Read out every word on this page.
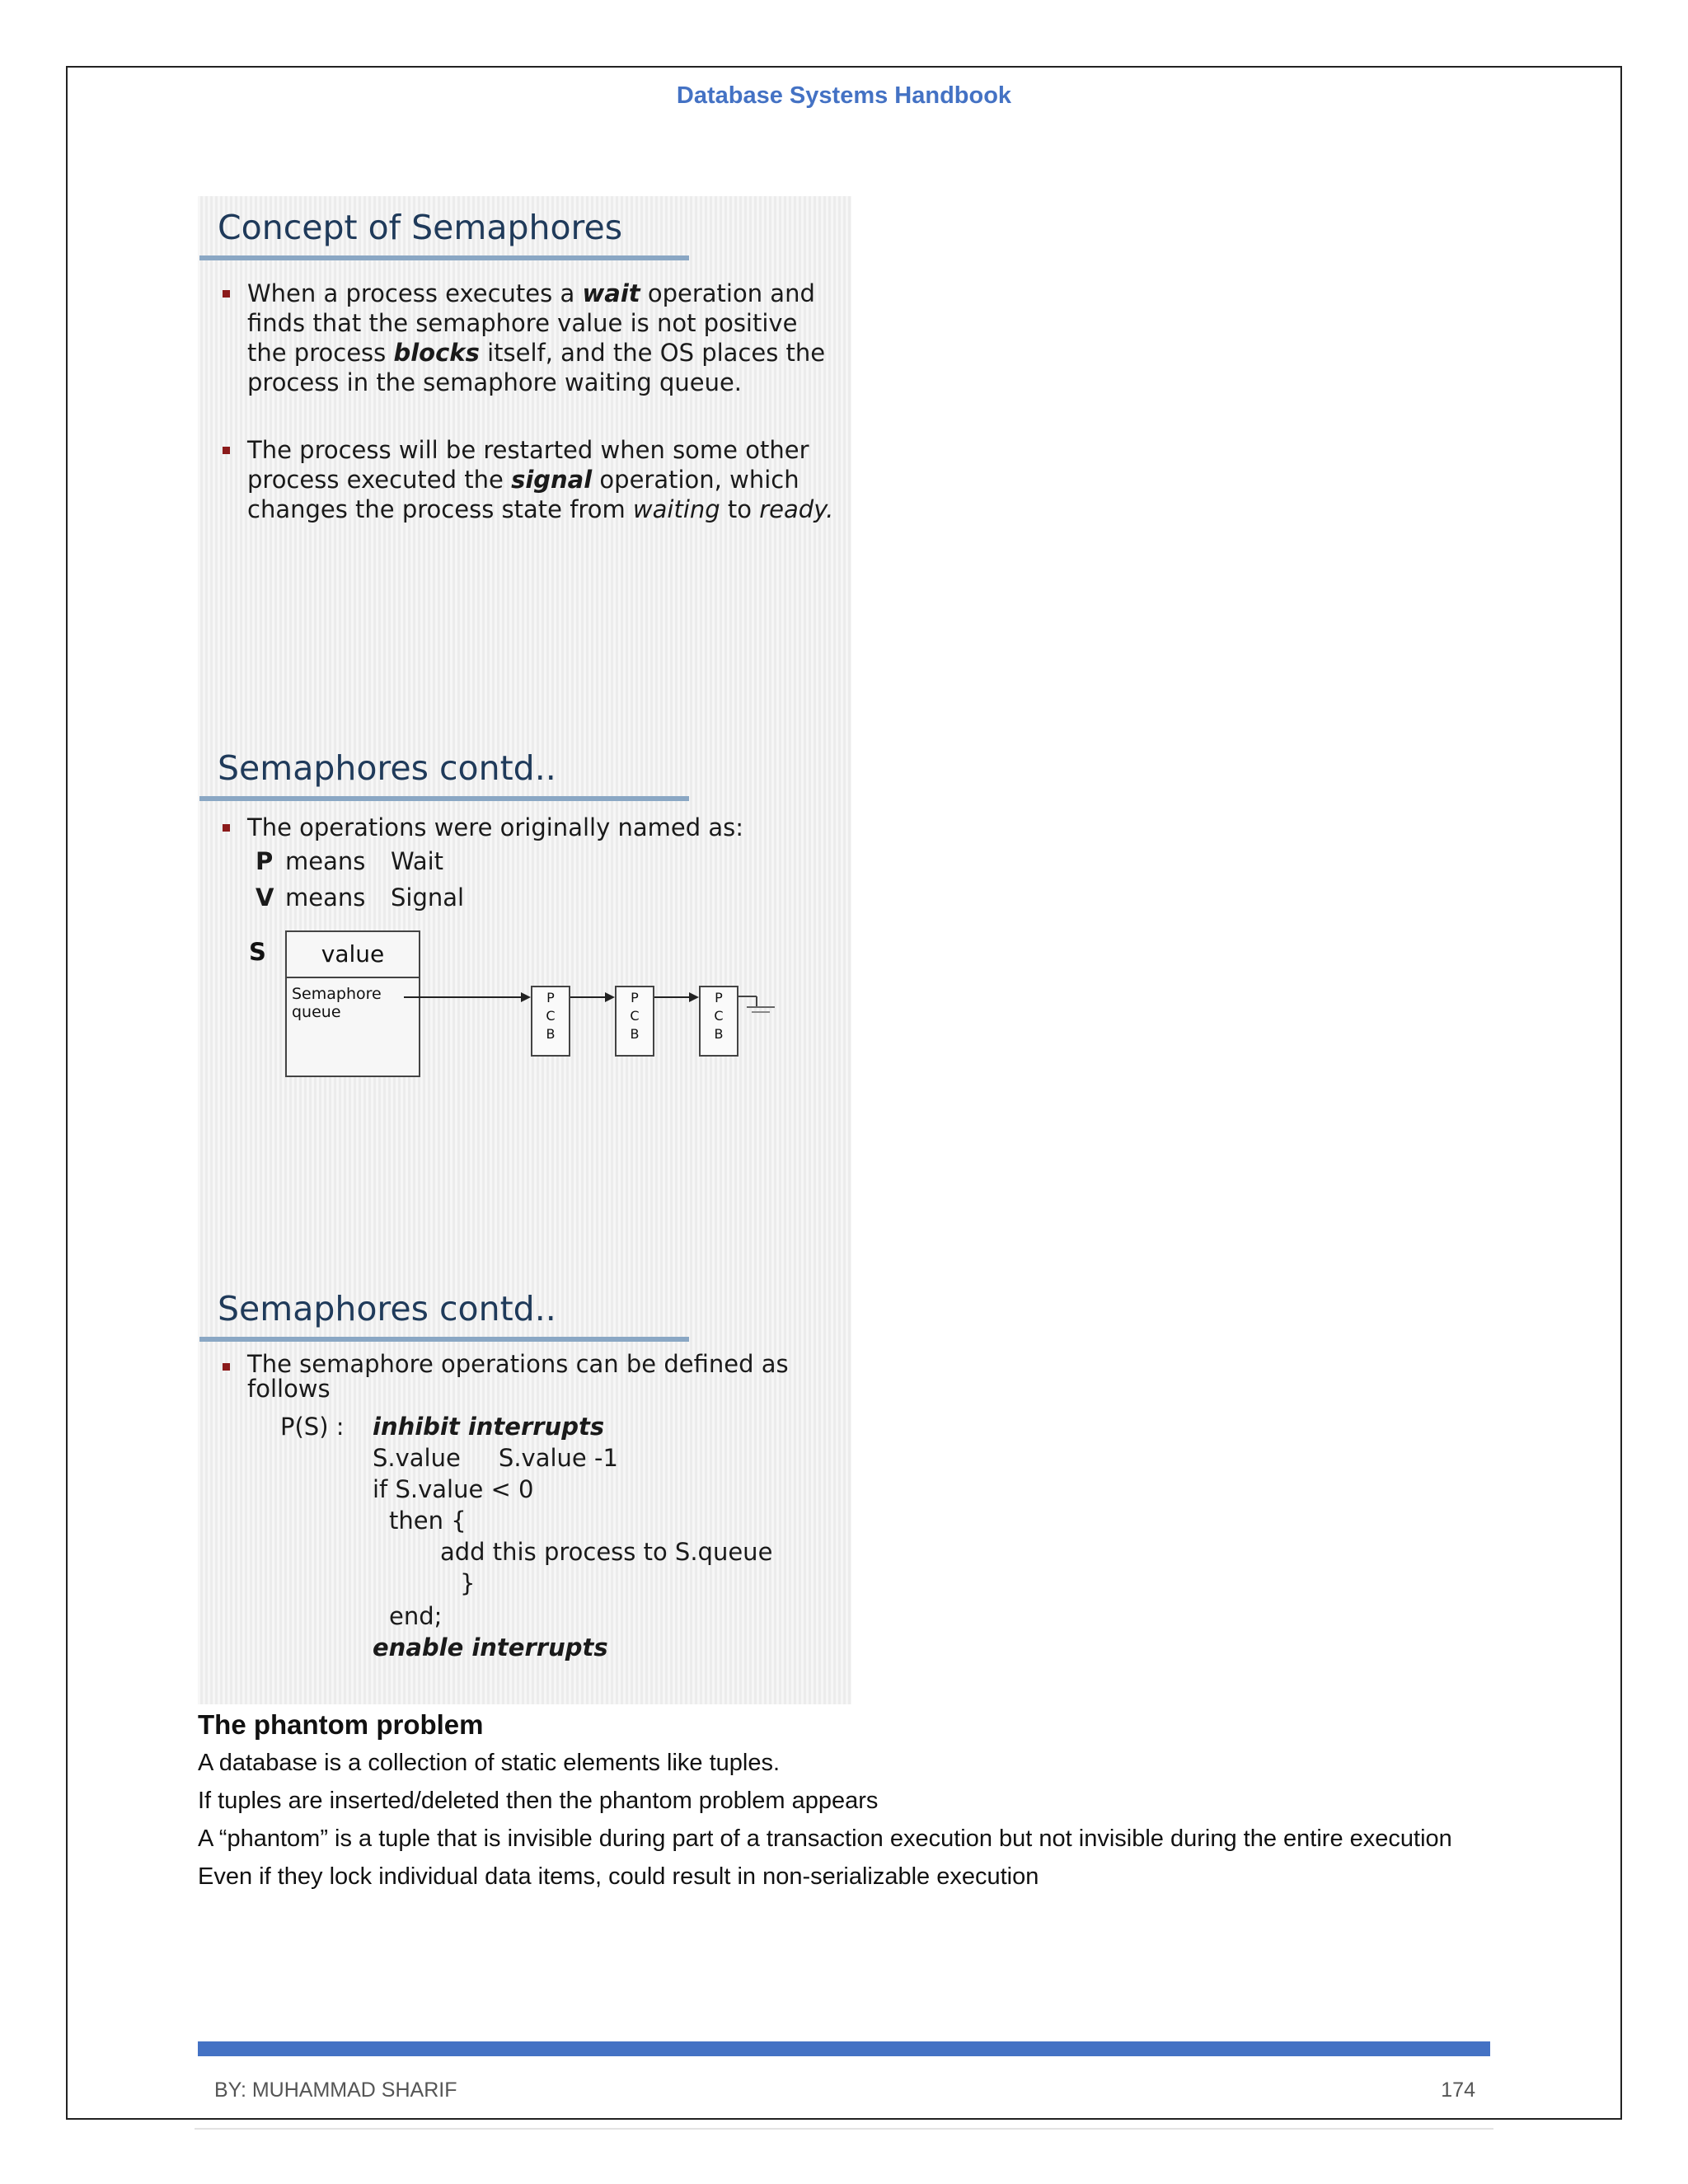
Database Systems Handbook
Concept of Semaphores
When a process executes a wait operation and finds that the semaphore value is not positive the process blocks itself, and the OS places the process in the semaphore waiting queue.
The process will be restarted when some other process executed the signal operation, which changes the process state from waiting to ready.
Semaphores contd..
The operations were originally named as:
P means Wait
V means Signal
S	value
Semaphore
queue
P
C
B
P
C
B
P
C
B
Semaphores contd..
The semaphore operations can be defined as follows
P(S) : inhibit interrupts
S.value     S.value -1
if S.value < 0
then {
add this process to S.queue
}
end;
enable interrupts

The phantom problem

A database is a collection of static elements like tuples.

If tuples are inserted/deleted then the phantom problem appears

A “phantom” is a tuple that is invisible during part of a transaction execution but not invisible during the entire execution

Even if they lock individual data items, could result in non-serializable execution

BY: MUHAMMAD SHARIF	174
